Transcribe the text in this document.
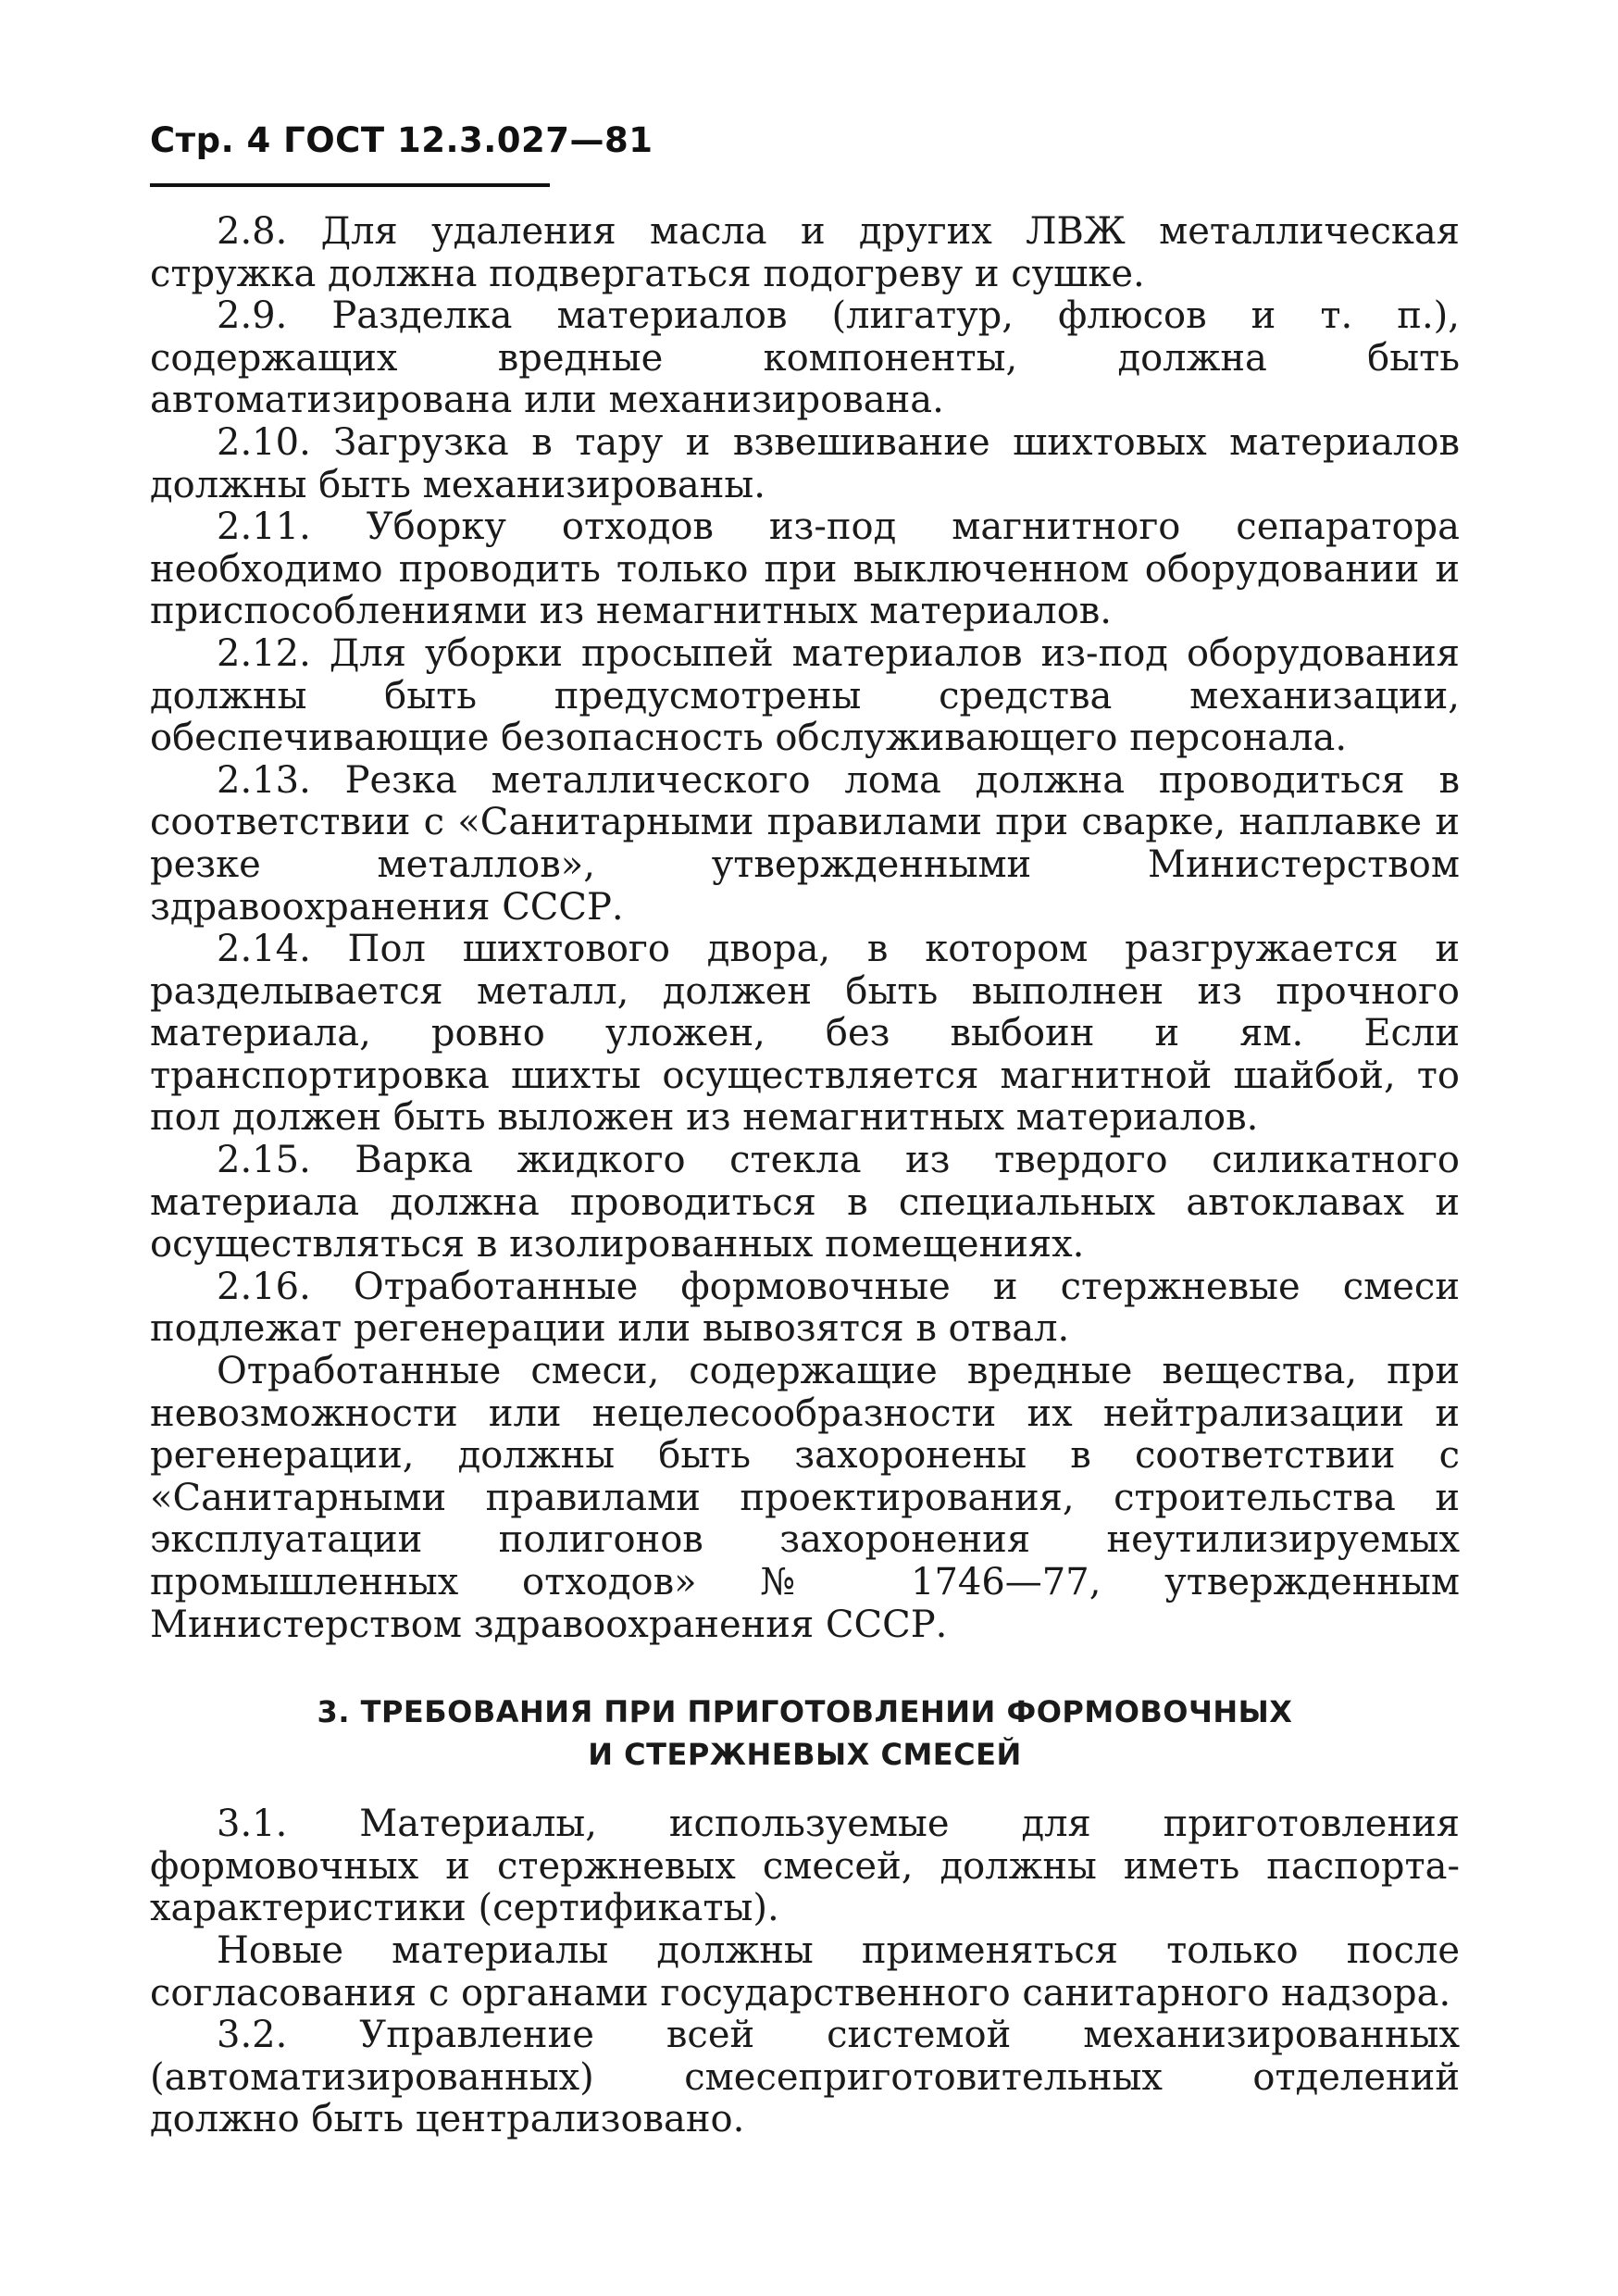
Стр. 4 ГОСТ 12.3.027—81

2.8. Для удаления масла и других ЛВЖ металлическая стружка должна подвергаться подогреву и сушке.

2.9. Разделка материалов (лигатур, флюсов и т. п.), содержащих вредные компоненты, должна быть автоматизирована или механизирована.

2.10. Загрузка в тару и взвешивание шихтовых материалов должны быть механизированы.

2.11. Уборку отходов из-под магнитного сепаратора необходимо проводить только при выключенном оборудовании и приспособлениями из немагнитных материалов.

2.12. Для уборки просыпей материалов из-под оборудования должны быть предусмотрены средства механизации, обеспечивающие безопасность обслуживающего персонала.

2.13. Резка металлического лома должна проводиться в соответствии с «Санитарными правилами при сварке, наплавке и резке металлов», утвержденными Министерством здравоохранения СССР.

2.14. Пол шихтового двора, в котором разгружается и разделывается металл, должен быть выполнен из прочного материала, ровно уложен, без выбоин и ям. Если транспортировка шихты осуществляется магнитной шайбой, то пол должен быть выложен из немагнитных материалов.

2.15. Варка жидкого стекла из твердого силикатного материала должна проводиться в специальных автоклавах и осуществляться в изолированных помещениях.

2.16. Отработанные формовочные и стержневые смеси подлежат регенерации или вывозятся в отвал.

Отработанные смеси, содержащие вредные вещества, при невозможности или нецелесообразности их нейтрализации и регенерации, должны быть захоронены в соответствии с «Санитарными правилами проектирования, строительства и эксплуатации полигонов захоронения неутилизируемых промышленных отходов» № 1746—77, утвержденным Министерством здравоохранения СССР.

3. ТРЕБОВАНИЯ ПРИ ПРИГОТОВЛЕНИИ ФОРМОВОЧНЫХ
И СТЕРЖНЕВЫХ СМЕСЕЙ

3.1. Материалы, используемые для приготовления формовочных и стержневых смесей, должны иметь паспорта-характеристики (сертификаты).

Новые материалы должны применяться только после согласования с органами государственного санитарного надзора.

3.2. Управление всей системой механизированных (автоматизированных) смесеприготовительных отделений должно быть централизовано.
